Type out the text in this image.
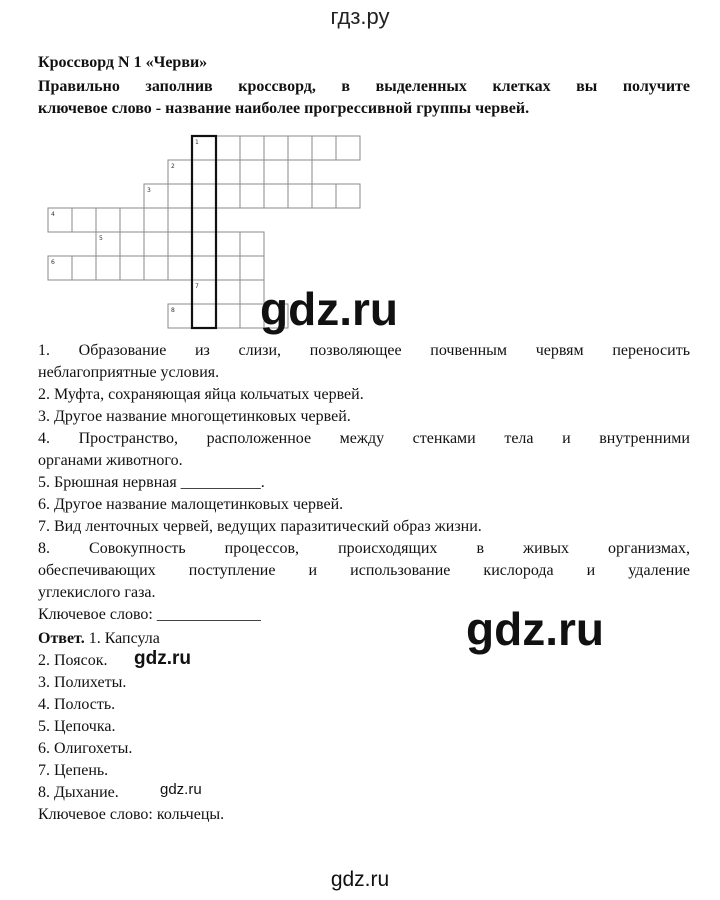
гдз.ру
Кроссворд N 1 «Черви»
Правильно заполнив кроссворд, в выделенных клетках вы получите
ключевое слово - название наиболее прогрессивной группы червей.
1
2
3
4
5
6
7
8 gdz.ru

1. Образование из слизи, позволяющее почвенным червям переносить
неблагоприятные условия.

2. Муфта, сохраняющая яйца кольчатых червей.

3. Другое название многощетинковых червей.

4. Пространство, расположенное между стенками тела и внутренними
органами животного.

5. Брюшная нервная __________.

6. Другое название малощетинковых червей.

7. Вид ленточных червей, ведущих паразитический образ жизни.

8. Совокупность процессов, происходящих в живых организмах,
обеспечивающих поступление и использование кислорода и удаление
углекислого газа.

Ключевое слово: _____________

Ответ. 1. Капсула

2. Поясок.

3. Полихеты.

4. Полость.

5. Цепочка.

6. Олигохеты.

7. Цепень.

8. Дыхание.

Ключевое слово: кольчецы.

gdz.ru
gdz.ru
gdz.ru
gdz.ru
